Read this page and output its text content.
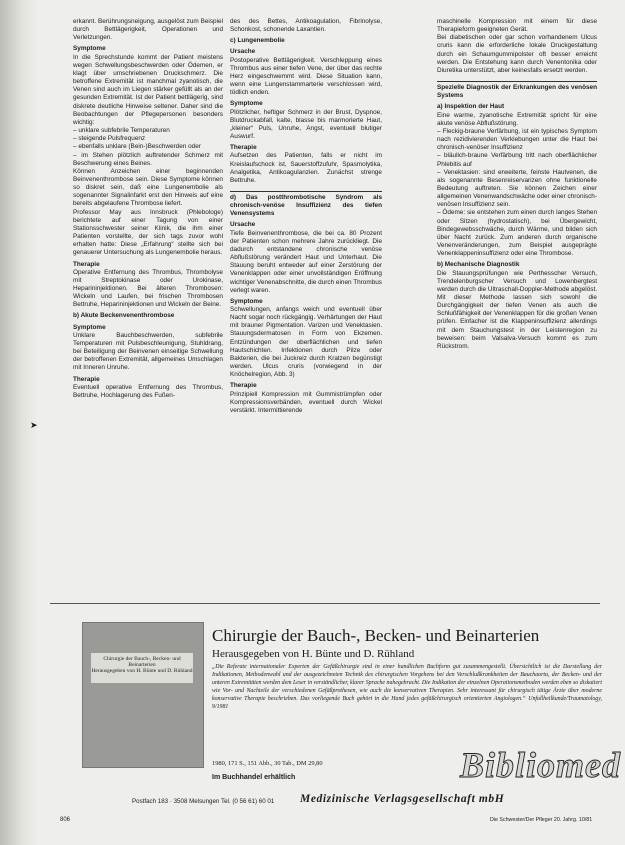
➤

erkannt. Berührungsneigung, ausgelöst zum Beispiel durch Bettlägerigkeit, Operationen und Verletzungen.

Symptome

In die Sprechstunde kommt der Patient meistens wegen Schwellungsbeschwerden oder Ödemen, er klagt über umschriebenen Druckschmerz. Die betroffene Extremität ist manchmal zyanotisch, die Venen sind auch im Liegen stärker gefüllt als an der gesunden Extremität. Ist der Patient bettlägerig, sind diskrete deutliche Hinweise seltener. Daher sind die Beobachtungen der Pflegepersonen besonders wichtig:

– unklare subfebrile Temperaturen

– steigende Pulsfrequenz

– ebenfalls unklare (Bein-)Beschwerden oder

– im Stehen plötzlich auftretender Schmerz mit Beschwerung eines Beines.

Können Anzeichen einer beginnenden Beinvenenthrombose sein. Diese Symptome können so diskret sein, daß eine Lungenembolie als sogenannter Signalinfarkt erst den Hinweis auf eine bereits abgelaufene Thrombose liefert.

Professor May aus Innsbruck (Phlebologe) berichtete auf einer Tagung von einer Stationsschwester seiner Klinik, die ihm einer Patienten vorstellte, der sich tags zuvor wohl erhalten hatte: Diese „Erfahrung“ stellte sich bei genauerer Untersuchung als Lungenembolie heraus.

Therapie

Operative Entfernung des Thrombus, Thrombolyse mit Streptokinase oder Urokinase, Heparininjektionen. Bei älteren Thrombosen: Wickeln und Laufen, bei frischen Thrombosen Bettruhe, Heparininjektionen und Wickeln der Beine.

b) Akute Beckenvenenthrombose

Symptome

Unklare Bauchbeschwerden, subfebrile Temperaturen mit Pulsbeschleunigung, Stuhldrang, bei Beteiligung der Beinvenen einseitige Schwellung der betroffenen Extremität, allgemeines Umschlagen mit Inneren Unruhe.

Therapie

Eventuell operative Entfernung des Thrombus, Bettruhe, Hochlagerung des Fußen-

des des Bettes, Antikoagulation, Fibrinolyse, Schonkost, schonende Laxantien.

c) Lungenembolie

Ursache

Postoperative Bettlägerigkeit. Verschleppung eines Thrombus aus einer tiefen Vene, der über das rechte Herz eingeschwemmt wird. Diese Situation kann, wenn eine Lungenstammarterie verschlossen wird, tödlich enden.

Symptome

Plötzlicher, heftiger Schmerz in der Brust, Dyspnoe, Blutdruckabfall, kalte, blasse bis marmorierte Haut, „kleiner“ Puls, Unruhe, Angst, eventuell blutiger Auswurf.

Therapie

Aufsetzen des Patienten, falls er nicht im Kreislaufschock ist, Sauerstoffzufuhr, Spasmolytika, Analgetika, Antikoagulanzien. Zunächst strenge Bettruhe.

d) Das postthrombotische Syndrom als chronisch-venöse Insuffizienz des tiefen Venensystems

Ursache

Tiefe Beinvenenthrombose, die bei ca. 80 Prozent der Patienten schon mehrere Jahre zurückliegt. Die dadurch entstandene chronische venöse Abflußstörung verändert Haut und Unterhaut. Die Stauung beruht entweder auf einer Zerstörung der Venenklappen oder einer unvollständigen Eröffnung wichtiger Venenabschnitte, die durch einen Thrombus verlegt waren.

Symptome

Schwellungen, anfangs weich und eventuell über Nacht sogar noch rückgängig. Verhärtungen der Haut mit brauner Pigmentation. Varizen und Venektasien. Stauungsdermatosen in Form von Ekzemen. Entzündungen der oberflächlichen und tiefen Hautschichten. Infektionen durch Pilze oder Bakterien, die bei Juckreiz durch Kratzen begünstigt werden. Ulcus cruris (vorwiegend in der Knöchelregion, Abb. 3)

Therapie

Prinzipiell Kompression mit Gummistrümpfen oder Kompressionsverbänden, eventuell durch Wickel verstärkt. Intermittierende

maschinelle Kompression mit einem für diese Therapieform geeigneten Gerät.

Bei diabetischen oder gar schon vorhandenem Ulcus cruris kann die erforderliche lokale Druckgestaltung durch ein Schaumgummipolster oft besser erreicht werden. Die Entstehung kann durch Venentonika oder Diuretika unterstützt, aber keinesfalls ersetzt werden.

Spezielle Diagnostik der Erkrankungen des venösen Systems

a) Inspektion der Haut

Eine warme, zyanotische Extremität spricht für eine akute venöse Abflußstörung.

– Fleckig-braune Verfärbung, ist ein typisches Symptom nach rezidivierenden Verklebungen unter die Haut bei chronisch-venöser Insuffizienz

– bläulich-braune Verfärbung tritt nach oberflächlicher Phlebitis auf

– Venektasien: sind erweiterte, feinste Hautvenen, die als sogenannte Besenreiservarizen ohne funktionelle Bedeutung auftreten. Sie können Zeichen einer allgemeinen Venenwandschwäche oder einer chronisch-venösen Insuffizienz sein.

– Ödeme: sie entstehen zum einen durch langes Stehen oder Sitzen (hydrostatisch), bei Übergewicht, Bindegewebsschwäche, durch Wärme, und bilden sich über Nacht zurück. Zum anderen durch organische Venenveränderungen, zum Beispiel ausgeprägte Venenklappeninsuffizienz oder eine Thrombose.

b) Mechanische Diagnostik

Die Stauungsprüfungen wie Perthesscher Versuch, Trendelenburgscher Versuch und Lowenbergtest werden durch die Ultraschall-Doppler-Methode abgelöst. Mit dieser Methode lassen sich sowohl die Durchgängigkeit der tiefen Venen als auch die Schlußfähigkeit der Venenklappen für die großen Venen prüfen. Einfacher ist die Klappeninsuffizienz allerdings mit dem Stauchungstest in der Leistenregion zu beweisen: beim Valsalva-Versuch kommt es zum Rückstrom.

Chirurgie der Bauch-, Becken- und Beinarterien
Herausgegeben von H. Bünte und D. Rühland
Chirurgie der Bauch-, Becken- und Beinarterien
Herausgegeben von H. Bünte und D. Rühland
„Die Referate internationaler Experten der Gefäßchirurgie sind in einer handlichen Buchform gut zusammengestellt. Übersichtlich ist die Darstellung der Indikationen, Methodenwahl und der ausgezeichneten Technik des chirurgischen Vorgehens bei den Verschlußkrankheiten der Bauchaorta, der Becken- und der unteren Extremitäten werden dem Leser in verständlicher, klarer Sprache nahegebracht. Die Indikation der einzelnen Operationsmethoden werden eben so diskutiert wie Vor- und Nachteile der verschiedenen Gefäßprothesen, wie auch die konservativen Therapien. Sehr interessant für chirurgisch tätige Ärzte über moderne konservative Therapie beschrieben. Das vorliegende Buch gehört in die Hand jedes gefäßchirurgisch orientierten Angiologen.“ Unfallheilkunde/Traumatology, 9/1981
1980, 171 S., 151 Abb., 30 Tab., DM 29,80
Im Buchhandel erhältlich	Bibliomed
Postfach 183 · 3508 Melsungen Tel. (0 56 61) 60 01 Medizinische Verlagsgesellschaft mbH
806	Die Schwester/Der Pfleger 20. Jahrg. 10/81
